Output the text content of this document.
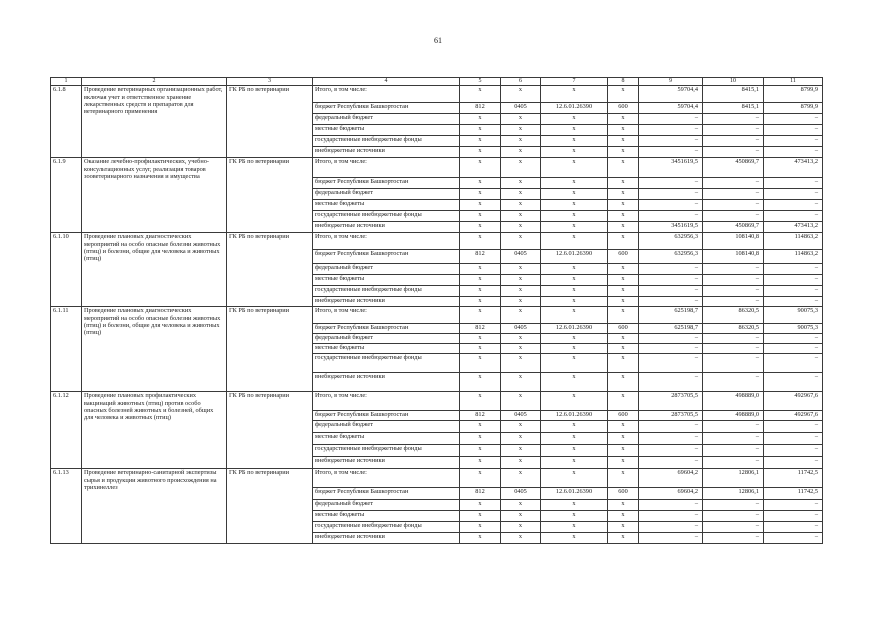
61
1	2	3	4	5	6	7	8	9	10	11
6.1.8	Проведение ветеринарных организационных работ, включая учет и ответственное хранение лекарственных средств и препаратов для ветеринарного применения	ГК РБ по ветеринарии	Итого, в том числе:	x	x	x	x	59704,4	8415,1	8799,9
			бюджет Республики Башкортостан	812	0405	12.6.01.26390	600	59704,4	8415,1	8799,9
			федеральный бюджет	x	x	x	x	–	–	–
			местные бюджеты	x	x	x	x	–	–	–
			государственные внебюджетные фонды	x	x	x	x	–	–	–
			внебюджетные источники	x	x	x	x	–	–	–
6.1.9	Оказание лечебно-профилактических, учебно-консультационных услуг, реализация товаров зоoветеринарного назначения и имущества	ГК РБ по ветеринарии	Итого, в том числе:	x	x	x	x	3451619,5	450869,7	473413,2
			бюджет Республики Башкортостан	x	x	x	x	–	–	–
			федеральный бюджет	x	x	x	x	–	–	–
			местные бюджеты	x	x	x	x	–	–	–
			государственные внебюджетные фонды	x	x	x	x	–	–	–
			внебюджетные источники	x	x	x	x	3451619,5	450869,7	473413,2
6.1.10	Проведение плановых диагностических мероприятий на особо опасные болезни животных (птиц) и болезни, общие для человека и животных (птиц)	ГК РБ по ветеринарии	Итого, в том числе:	x	x	x	x	632956,3	108140,8	114863,2
			бюджет Республики Башкортостан	812	0405	12.6.01.26390	600	632956,3	108140,8	114863,2
			федеральный бюджет	x	x	x	x	–	–	–
			местные бюджеты	x	x	x	x	–	–	–
			государственные внебюджетные фонды	x	x	x	x	–	–	–
			внебюджетные источники	x	x	x	x	–	–	–
6.1.11	Проведение плановых диагностических мероприятий на особо опасные болезни животных (птиц) и болезни, общие для человека и животных (птиц)	ГК РБ по ветеринарии	Итого, в том числе:	x	x	x	x	625198,7	86320,5	90075,3
			бюджет Республики Башкортостан	812	0405	12.6.01.26390	600	625198,7	86320,5	90075,3
			федеральный бюджет	x	x	x	x	–	–	–
			местные бюджеты	x	x	x	x	–	–	–
			государственные внебюджетные фонды	x	x	x	x	–	–	–
			внебюджетные источники	x	x	x	x	–	–	–
6.1.12	Проведение плановых профилактических вакцинаций животных (птиц) против особо опасных болезней животных и болезней, общих для человека и животных (птиц)	ГК РБ по ветеринарии	Итого, в том числе:	x	x	x	x	2873705,5	498889,0	492967,6
			бюджет Республики Башкортостан	812	0405	12.6.01.26390	600	2873705,5	498889,0	492967,6
			федеральный бюджет	x	x	x	x	–	–	–
			местные бюджеты	x	x	x	x	–	–	–
			государственные внебюджетные фонды	x	x	x	x	–	–	–
			внебюджетные источники	x	x	x	x	–	–	–
6.1.13	Проведение ветеринарно-санитарной экспертизы сырья и продукции животного происхождения на трихинеллез	ГК РБ по ветеринарии	Итого, в том числе:	x	x	x	x	69604,2	12806,1	11742,5
			бюджет Республики Башкортостан	812	0405	12.6.01.26390	600	69604,2	12806,1	11742,5
			федеральный бюджет	x	x	x	x	–	–	–
			местные бюджеты	x	x	x	x	–	–	–
			государственные внебюджетные фонды	x	x	x	x	–	–	–
			внебюджетные источники	x	x	x	x	–	–	–
